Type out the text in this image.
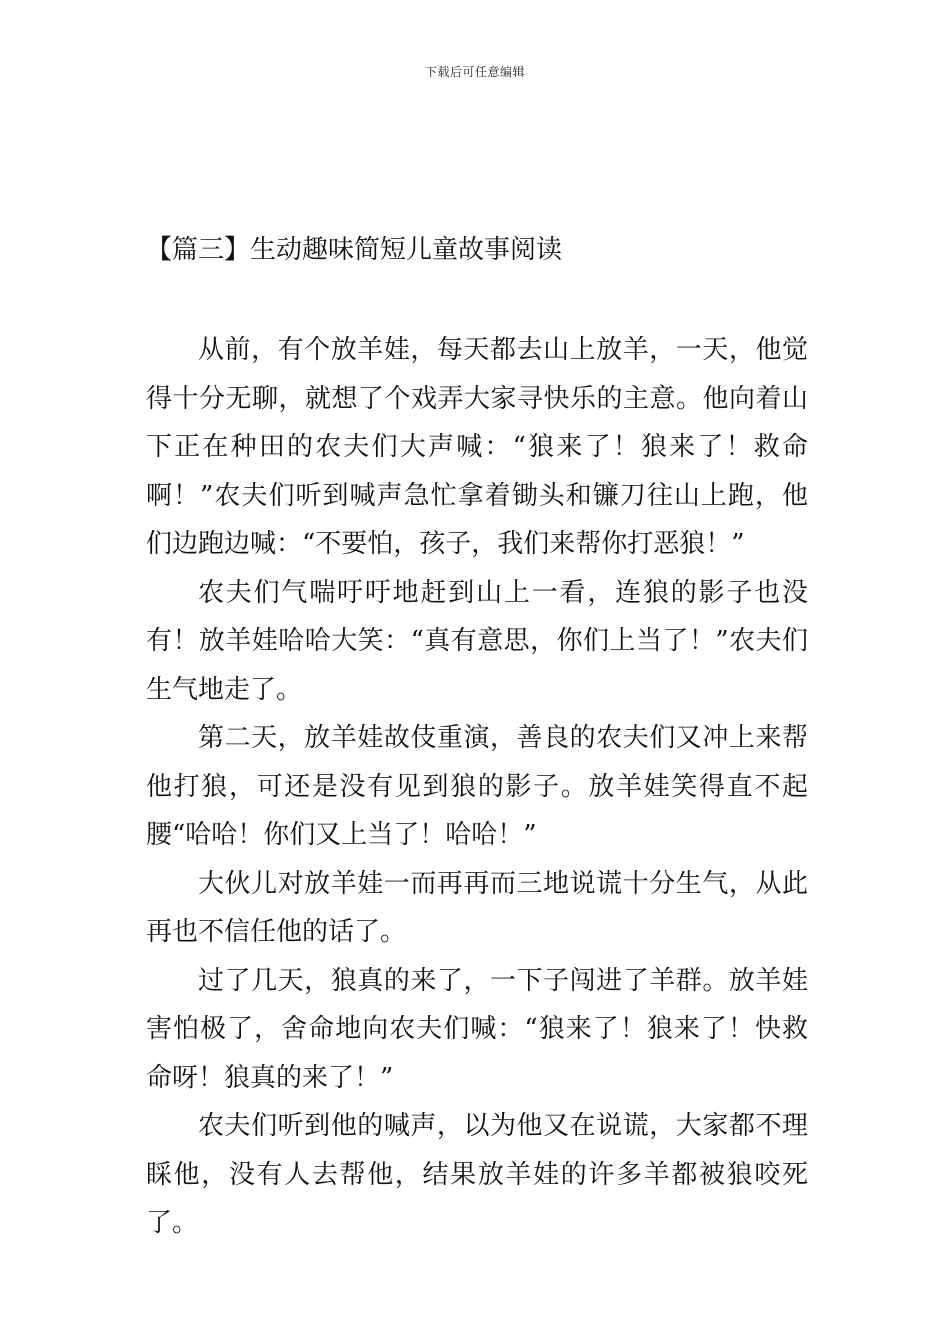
下载后可任意编辑
【篇三】生动趣味简短儿童故事阅读

从前，有个放羊娃，每天都去山上放羊，一天，他觉得十分无聊，就想了个戏弄大家寻快乐的主意。他向着山下正在种田的农夫们大声喊：“狼来了！狼来了！救命啊！”农夫们听到喊声急忙拿着锄头和镰刀往山上跑，他们边跑边喊：“不要怕，孩子，我们来帮你打恶狼！”

农夫们气喘吁吁地赶到山上一看，连狼的影子也没有！放羊娃哈哈大笑：“真有意思，你们上当了！”农夫们生气地走了。

第二天，放羊娃故伎重演，善良的农夫们又冲上来帮他打狼，可还是没有见到狼的影子。放羊娃笑得直不起腰“哈哈！你们又上当了！哈哈！”

大伙儿对放羊娃一而再再而三地说谎十分生气，从此再也不信任他的话了。

过了几天，狼真的来了，一下子闯进了羊群。放羊娃害怕极了，舍命地向农夫们喊：“狼来了！狼来了！快救命呀！狼真的来了！”

农夫们听到他的喊声，以为他又在说谎，大家都不理睬他，没有人去帮他，结果放羊娃的许多羊都被狼咬死了。
